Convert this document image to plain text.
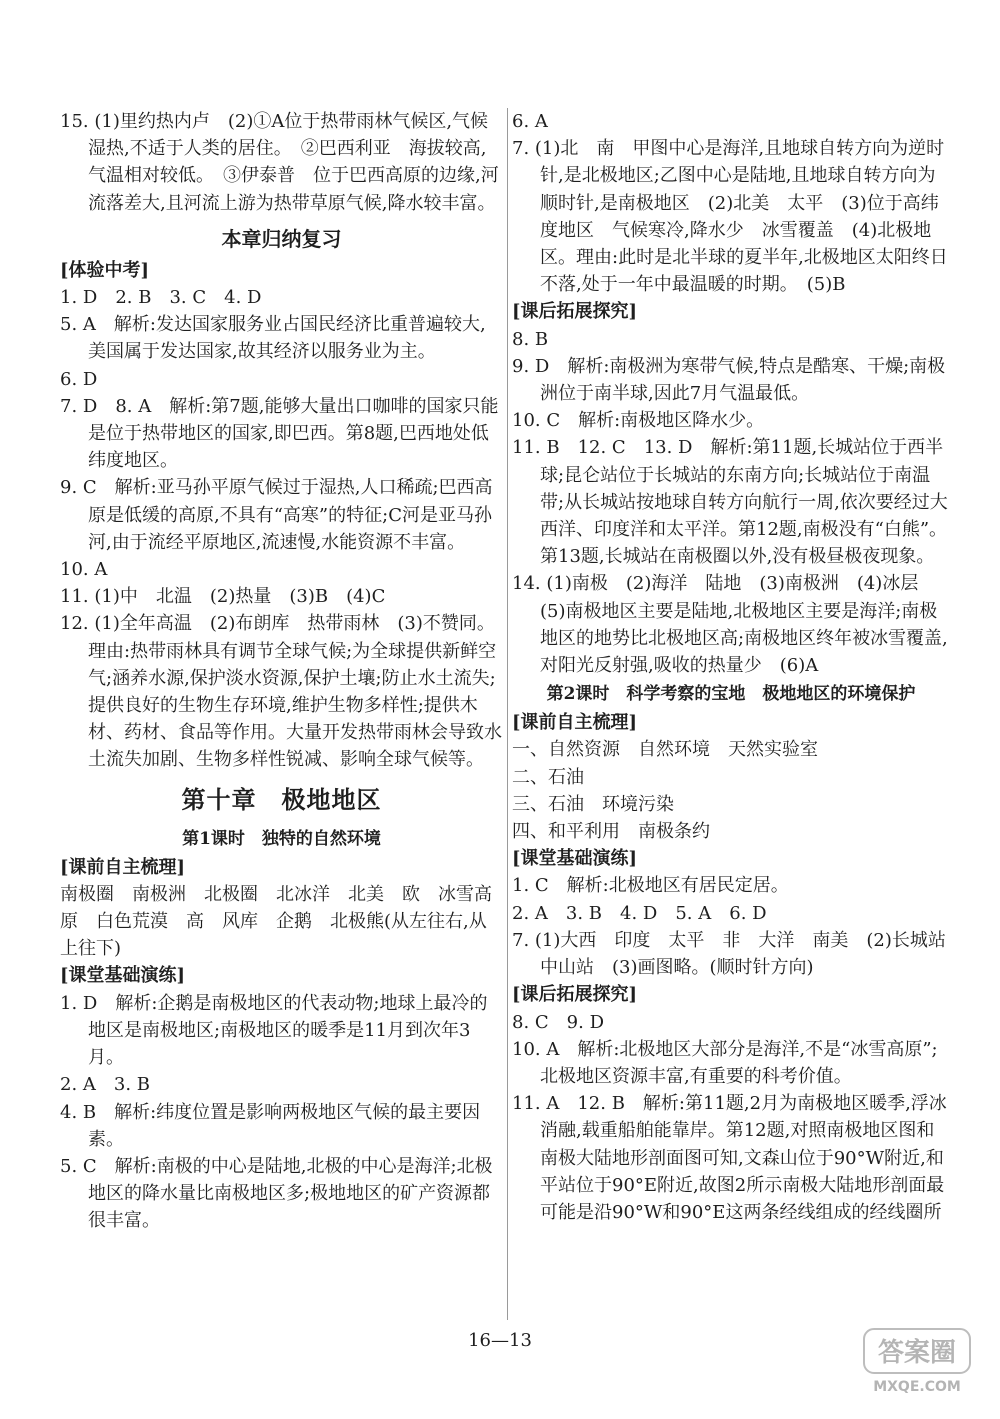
15. (1)里约热内卢　(2)①A位于热带雨林气候区,气候湿热,不适于人类的居住。　②巴西利亚　海拔较高,气温相对较低。　③伊泰普　位于巴西高原的边缘,河流落差大,且河流上游为热带草原气候,降水较丰富。

本章归纳复习

[体验中考]

1. D　2. B　3. C　4. D

5. A　解析:发达国家服务业占国民经济比重普遍较大,美国属于发达国家,故其经济以服务业为主。

6. D

7. D　8. A　解析:第7题,能够大量出口咖啡的国家只能是位于热带地区的国家,即巴西。第8题,巴西地处低纬度地区。

9. C　解析:亚马孙平原气候过于湿热,人口稀疏;巴西高原是低缓的高原,不具有“高寒”的特征;C河是亚马孙河,由于流经平原地区,流速慢,水能资源不丰富。

10. A

11. (1)中　北温　(2)热量　(3)B　(4)C

12. (1)全年高温　(2)布朗库　热带雨林　(3)不赞同。理由:热带雨林具有调节全球气候;为全球提供新鲜空气;涵养水源,保护淡水资源,保护土壤;防止水土流失;提供良好的生物生存环境,维护生物多样性;提供木材、药材、食品等作用。大量开发热带雨林会导致水土流失加剧、生物多样性锐减、影响全球气候等。

第十章　极地地区
第1课时　独特的自然环境

[课前自主梳理]

南极圈　南极洲　北极圈　北冰洋　北美　欧　冰雪高原　白色荒漠　高　风库　企鹅　北极熊(从左往右,从上往下)

[课堂基础演练]

1. D　解析:企鹅是南极地区的代表动物;地球上最冷的地区是南极地区;南极地区的暖季是11月到次年3月。

2. A　3. B

4. B　解析:纬度位置是影响两极地区气候的最主要因素。

5. C　解析:南极的中心是陆地,北极的中心是海洋;北极地区的降水量比南极地区多;极地地区的矿产资源都很丰富。

6. A

7. (1)北　南　甲图中心是海洋,且地球自转方向为逆时针,是北极地区;乙图中心是陆地,且地球自转方向为顺时针,是南极地区　(2)北美　太平　(3)位于高纬度地区　气候寒冷,降水少　冰雪覆盖　(4)北极地区。理由:此时是北半球的夏半年,北极地区太阳终日不落,处于一年中最温暖的时期。　(5)B

[课后拓展探究]

8. B

9. D　解析:南极洲为寒带气候,特点是酷寒、干燥;南极洲位于南半球,因此7月气温最低。

10. C　解析:南极地区降水少。

11. B　12. C　13. D　解析:第11题,长城站位于西半球;昆仑站位于长城站的东南方向;长城站位于南温带;从长城站按地球自转方向航行一周,依次要经过大西洋、印度洋和太平洋。第12题,南极没有“白熊”。第13题,长城站在南极圈以外,没有极昼极夜现象。

14. (1)南极　(2)海洋　陆地　(3)南极洲　(4)冰层　(5)南极地区主要是陆地,北极地区主要是海洋;南极地区的地势比北极地区高;南极地区终年被冰雪覆盖,对阳光反射强,吸收的热量少　(6)A

第2课时　科学考察的宝地　极地地区的环境保护

[课前自主梳理]

一、自然资源　自然环境　天然实验室

二、石油

三、石油　环境污染

四、和平利用　南极条约

[课堂基础演练]

1. C　解析:北极地区有居民定居。

2. A　3. B　4. D　5. A　6. D

7. (1)大西　印度　太平　非　大洋　南美　(2)长城站　中山站　(3)画图略。(顺时针方向)

[课后拓展探究]

8. C　9. D

10. A　解析:北极地区大部分是海洋,不是“冰雪高原”;北极地区资源丰富,有重要的科考价值。

11. A　12. B　解析:第11题,2月为南极地区暖季,浮冰消融,载重船舶能靠岸。第12题,对照南极地区图和南极大陆地形剖面图可知,文森山位于90°W附近,和平站位于90°E附近,故图2所示南极大陆地形剖面最可能是沿90°W和90°E这两条经线组成的经线圈所

16—13	答案圈
MXQE.COM
